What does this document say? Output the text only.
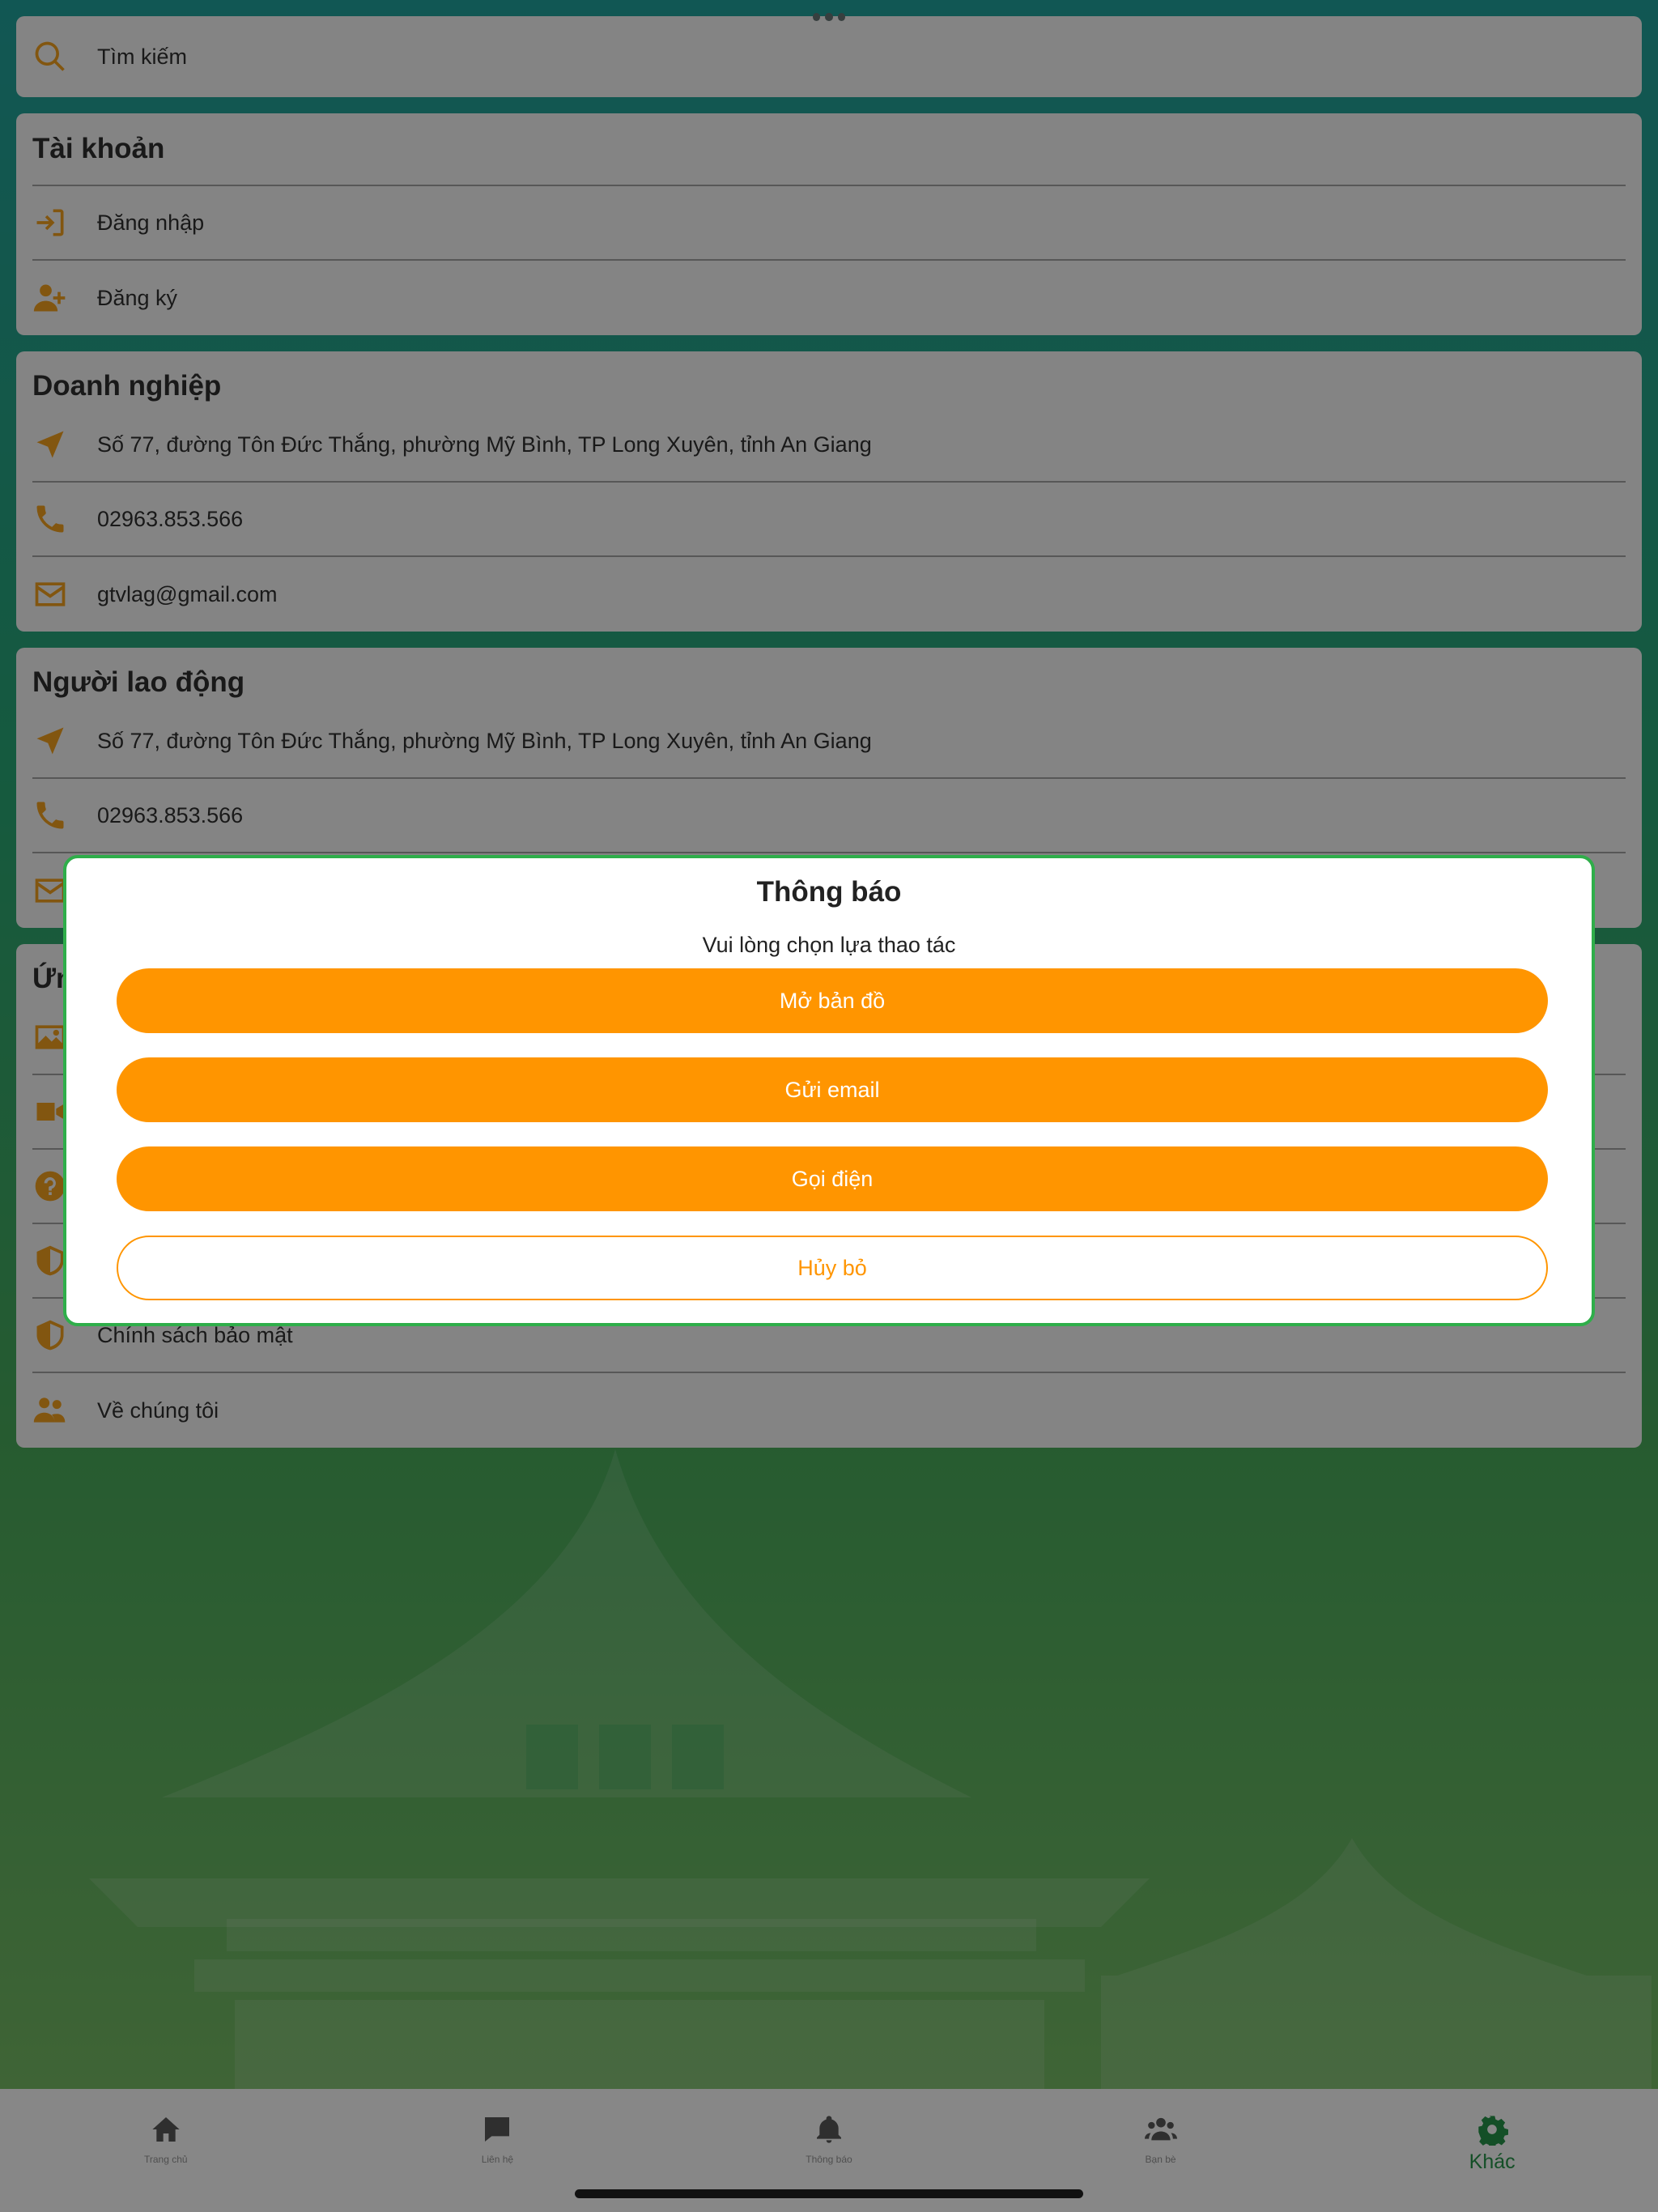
Thông báo
Vui lòng chọn lựa thao tác
Mở bản đồ
Gửi email
Gọi điện
Hủy bỏ
